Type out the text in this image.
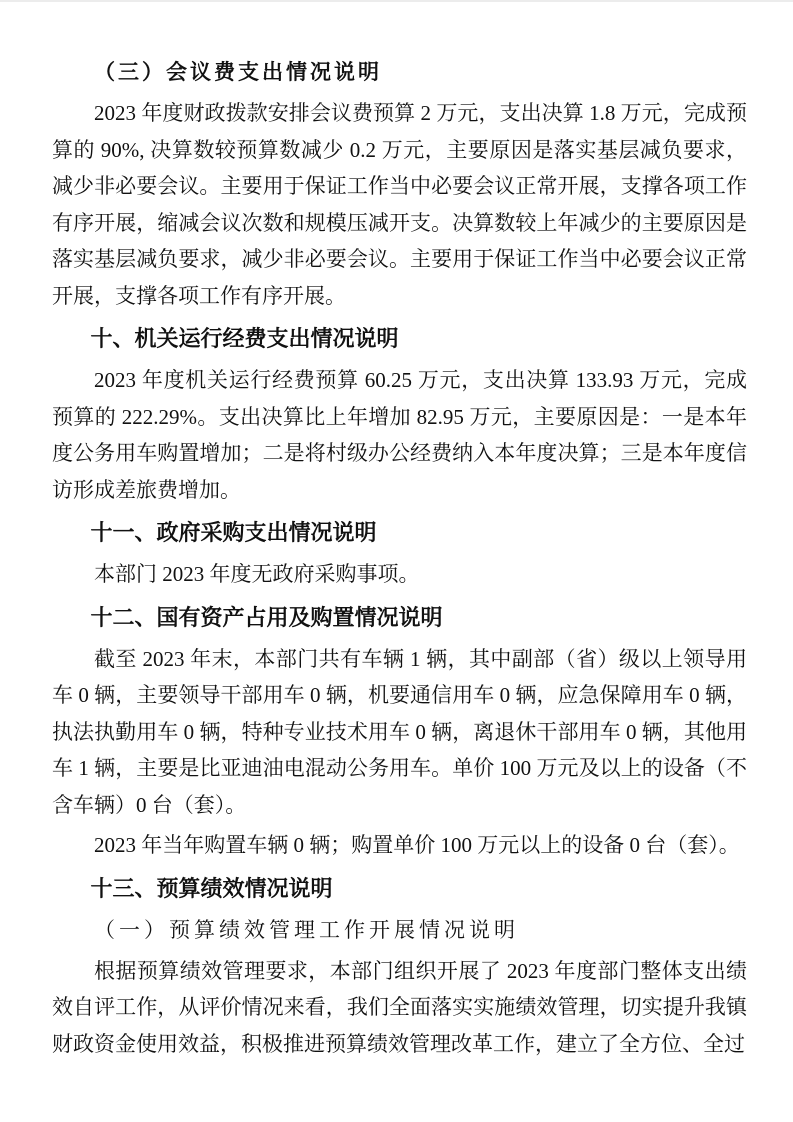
（三）会议费支出情况说明

2023 年度财政拨款安排会议费预算 2 万元，支出决算 1.8 万元，完成预算的 90%, 决算数较预算数减少 0.2 万元，主要原因是落实基层减负要求，减少非必要会议。主要用于保证工作当中必要会议正常开展，支撑各项工作有序开展，缩减会议次数和规模压减开支。决算数较上年减少的主要原因是落实基层减负要求，减少非必要会议。主要用于保证工作当中必要会议正常开展，支撑各项工作有序开展。

十、机关运行经费支出情况说明

2023 年度机关运行经费预算 60.25 万元，支出决算 133.93 万元，完成预算的 222.29%。支出决算比上年增加 82.95 万元，主要原因是：一是本年度公务用车购置增加；二是将村级办公经费纳入本年度决算；三是本年度信访形成差旅费增加。

十一、政府采购支出情况说明

本部门 2023 年度无政府采购事项。

十二、国有资产占用及购置情况说明

截至 2023 年末，本部门共有车辆 1 辆，其中副部（省）级以上领导用车 0 辆，主要领导干部用车 0 辆，机要通信用车 0 辆，应急保障用车 0 辆，执法执勤用车 0 辆，特种专业技术用车 0 辆，离退休干部用车 0 辆，其他用车 1 辆，主要是比亚迪油电混动公务用车。单价 100 万元及以上的设备（不含车辆）0 台（套）。

2023 年当年购置车辆 0 辆；购置单价 100 万元以上的设备 0 台（套）。

十三、预算绩效情况说明
（一）预算绩效管理工作开展情况说明

根据预算绩效管理要求，本部门组织开展了 2023 年度部门整体支出绩效自评工作，从评价情况来看，我们全面落实实施绩效管理，切实提升我镇财政资金使用效益，积极推进预算绩效管理改革工作，建立了全方位、全过
